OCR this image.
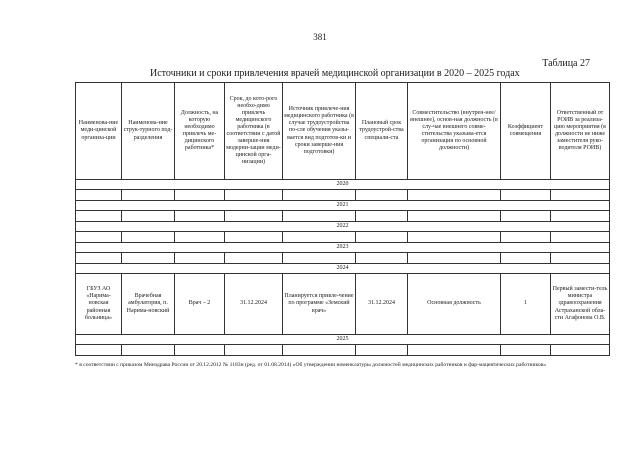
381
Таблица 27
Источники и сроки привлечения врачей медицинской организации в 2020 – 2025 годах
Наименова-ние меди-цинской организа-ции	Наименова-ние струк-турного под-разделения	Должность, на которую необходимо привлечь ме-дицинского работника*	Срок, до кото-рого необхо-димо привлечь медицинского работника (в соответствии с датой заверше-ния модерни-зации меди-цинской орга-низации)	Источник привлече-ния медицинского работника (в случае трудоустройства по-сле обучения указы-вается вид подготов-ки и сроки заверше-ния подготовки)	Плановый срок трудоустрой-ства специали-ста	Совместительство (внутрен-нее/внешнее), основ-ная должность (в слу-чае внешнего совме-стительства указыва-ется организация по основной должности)	Коэффициент совмещения	Ответственный от РОИВ за реализа-цию мероприятия (в должности не ниже заместителя руко-водителя РОИВ)
2020								

2021								

2022								

2023								

2024								
ГБУЗ АО «Нарима-новская районная больница»	Врачебная амбулатория, п. Нарима-новский	Врач – 2	31.12.2024	Планируется привле-чение по программе «Земский врач»	31.12.2024	Основная должность	1	Первый замести-тель министра здравоохранения Астраханской обла-сти Агафонова О.В.
2025								

* в соответствии с приказом Минздрава России от 20.12.2012 № 1183н (ред. от 01.08.2014) «Об утверждении номенклатуры должностей медицинских работников и фар-мацевтических работников»
